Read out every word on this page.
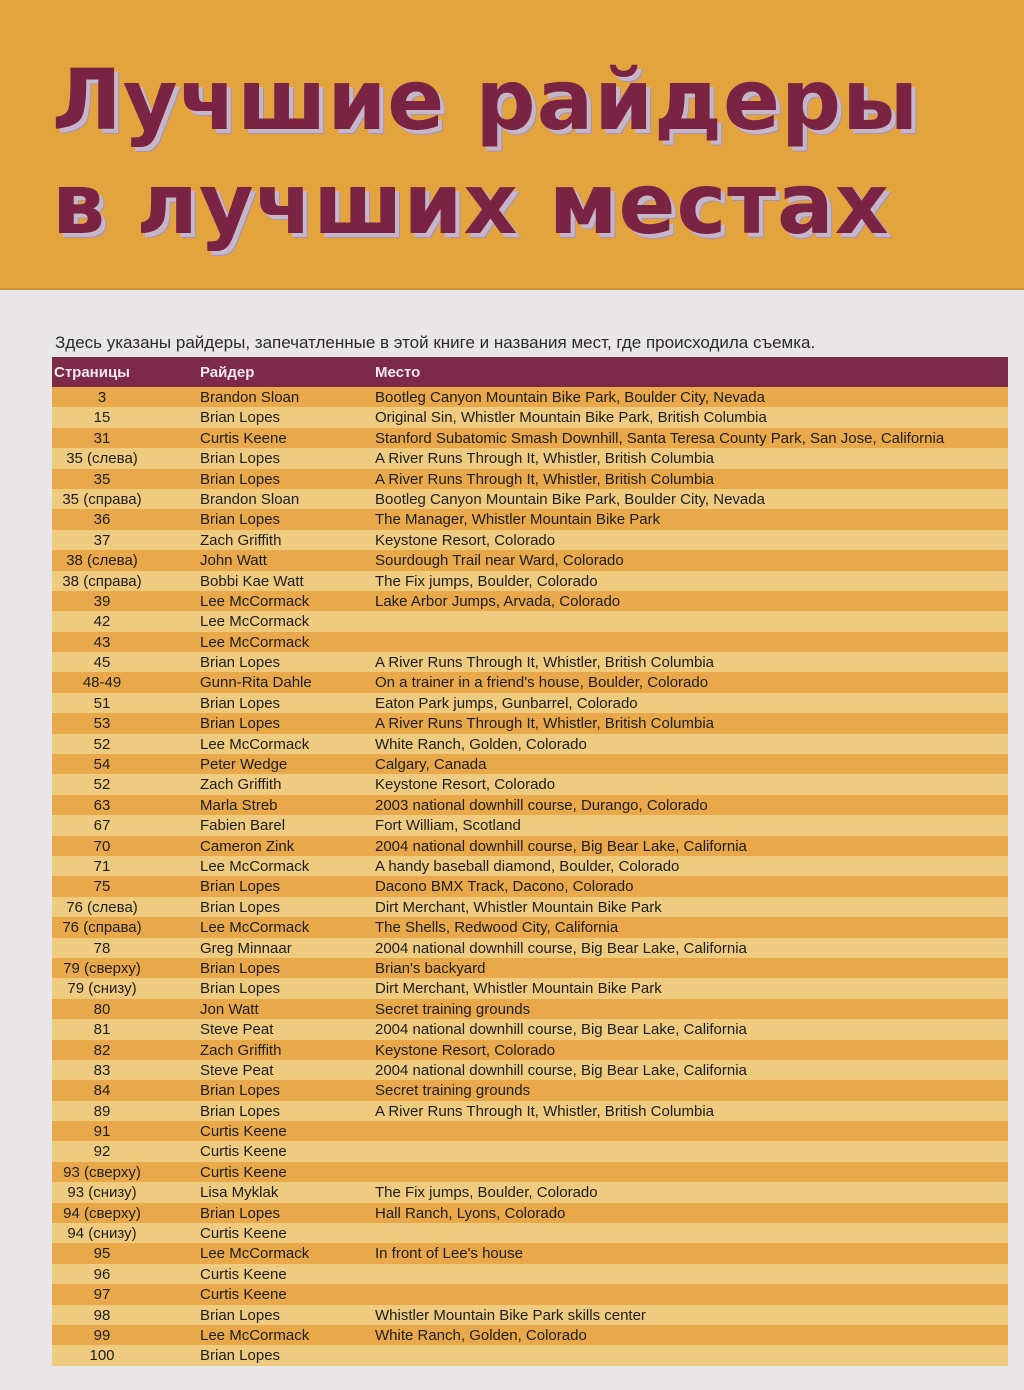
Лучшие райдеры
в лучших местах

Здесь указаны райдеры, запечатленные в этой книге и названия мест, где происходила съемка.

Страницы	Райдер	Место
3	Brandon Sloan	Bootleg Canyon Mountain Bike Park, Boulder City, Nevada
15	Brian Lopes	Original Sin, Whistler Mountain Bike Park, British Columbia
31	Curtis Keene	Stanford Subatomic Smash Downhill, Santa Teresa County Park, San Jose, California
35 (слева)	Brian Lopes	A River Runs Through It, Whistler, British Columbia
35	Brian Lopes	A River Runs Through It, Whistler, British Columbia
35 (справа)	Brandon Sloan	Bootleg Canyon Mountain Bike Park, Boulder City, Nevada
36	Brian Lopes	The Manager, Whistler Mountain Bike Park
37	Zach Griffith	Keystone Resort, Colorado
38 (слева)	John Watt	Sourdough Trail near Ward, Colorado
38 (справа)	Bobbi Kae Watt	The Fix jumps, Boulder, Colorado
39	Lee McCormack	Lake Arbor Jumps, Arvada, Colorado
42	Lee McCormack
43	Lee McCormack
45	Brian Lopes	A River Runs Through It, Whistler, British Columbia
48-49	Gunn-Rita Dahle	On a trainer in a friend's house, Boulder, Colorado
51	Brian Lopes	Eaton Park jumps, Gunbarrel, Colorado
53	Brian Lopes	A River Runs Through It, Whistler, British Columbia
52	Lee McCormack	White Ranch, Golden, Colorado
54	Peter Wedge	Calgary, Canada
52	Zach Griffith	Keystone Resort, Colorado
63	Marla Streb	2003 national downhill course, Durango, Colorado
67	Fabien Barel	Fort William, Scotland
70	Cameron Zink	2004 national downhill course, Big Bear Lake, California
71	Lee McCormack	A handy baseball diamond, Boulder, Colorado
75	Brian Lopes	Dacono BMX Track, Dacono, Colorado
76 (слева)	Brian Lopes	Dirt Merchant, Whistler Mountain Bike Park
76 (справа)	Lee McCormack	The Shells, Redwood City, California
78	Greg Minnaar	2004 national downhill course, Big Bear Lake, California
79 (сверху)	Brian Lopes	Brian's backyard
79 (снизу)	Brian Lopes	Dirt Merchant, Whistler Mountain Bike Park
80	Jon Watt	Secret training grounds
81	Steve Peat	2004 national downhill course, Big Bear Lake, California
82	Zach Griffith	Keystone Resort, Colorado
83	Steve Peat	2004 national downhill course, Big Bear Lake, California
84	Brian Lopes	Secret training grounds
89	Brian Lopes	A River Runs Through It, Whistler, British Columbia
91	Curtis Keene
92	Curtis Keene
93 (сверху)	Curtis Keene
93 (снизу)	Lisa Myklak	The Fix jumps, Boulder, Colorado
94 (сверху)	Brian Lopes	Hall Ranch, Lyons, Colorado
94 (снизу)	Curtis Keene
95	Lee McCormack	In front of Lee's house
96	Curtis Keene
97	Curtis Keene
98	Brian Lopes	Whistler Mountain Bike Park skills center
99	Lee McCormack	White Ranch, Golden, Colorado
100	Brian Lopes
